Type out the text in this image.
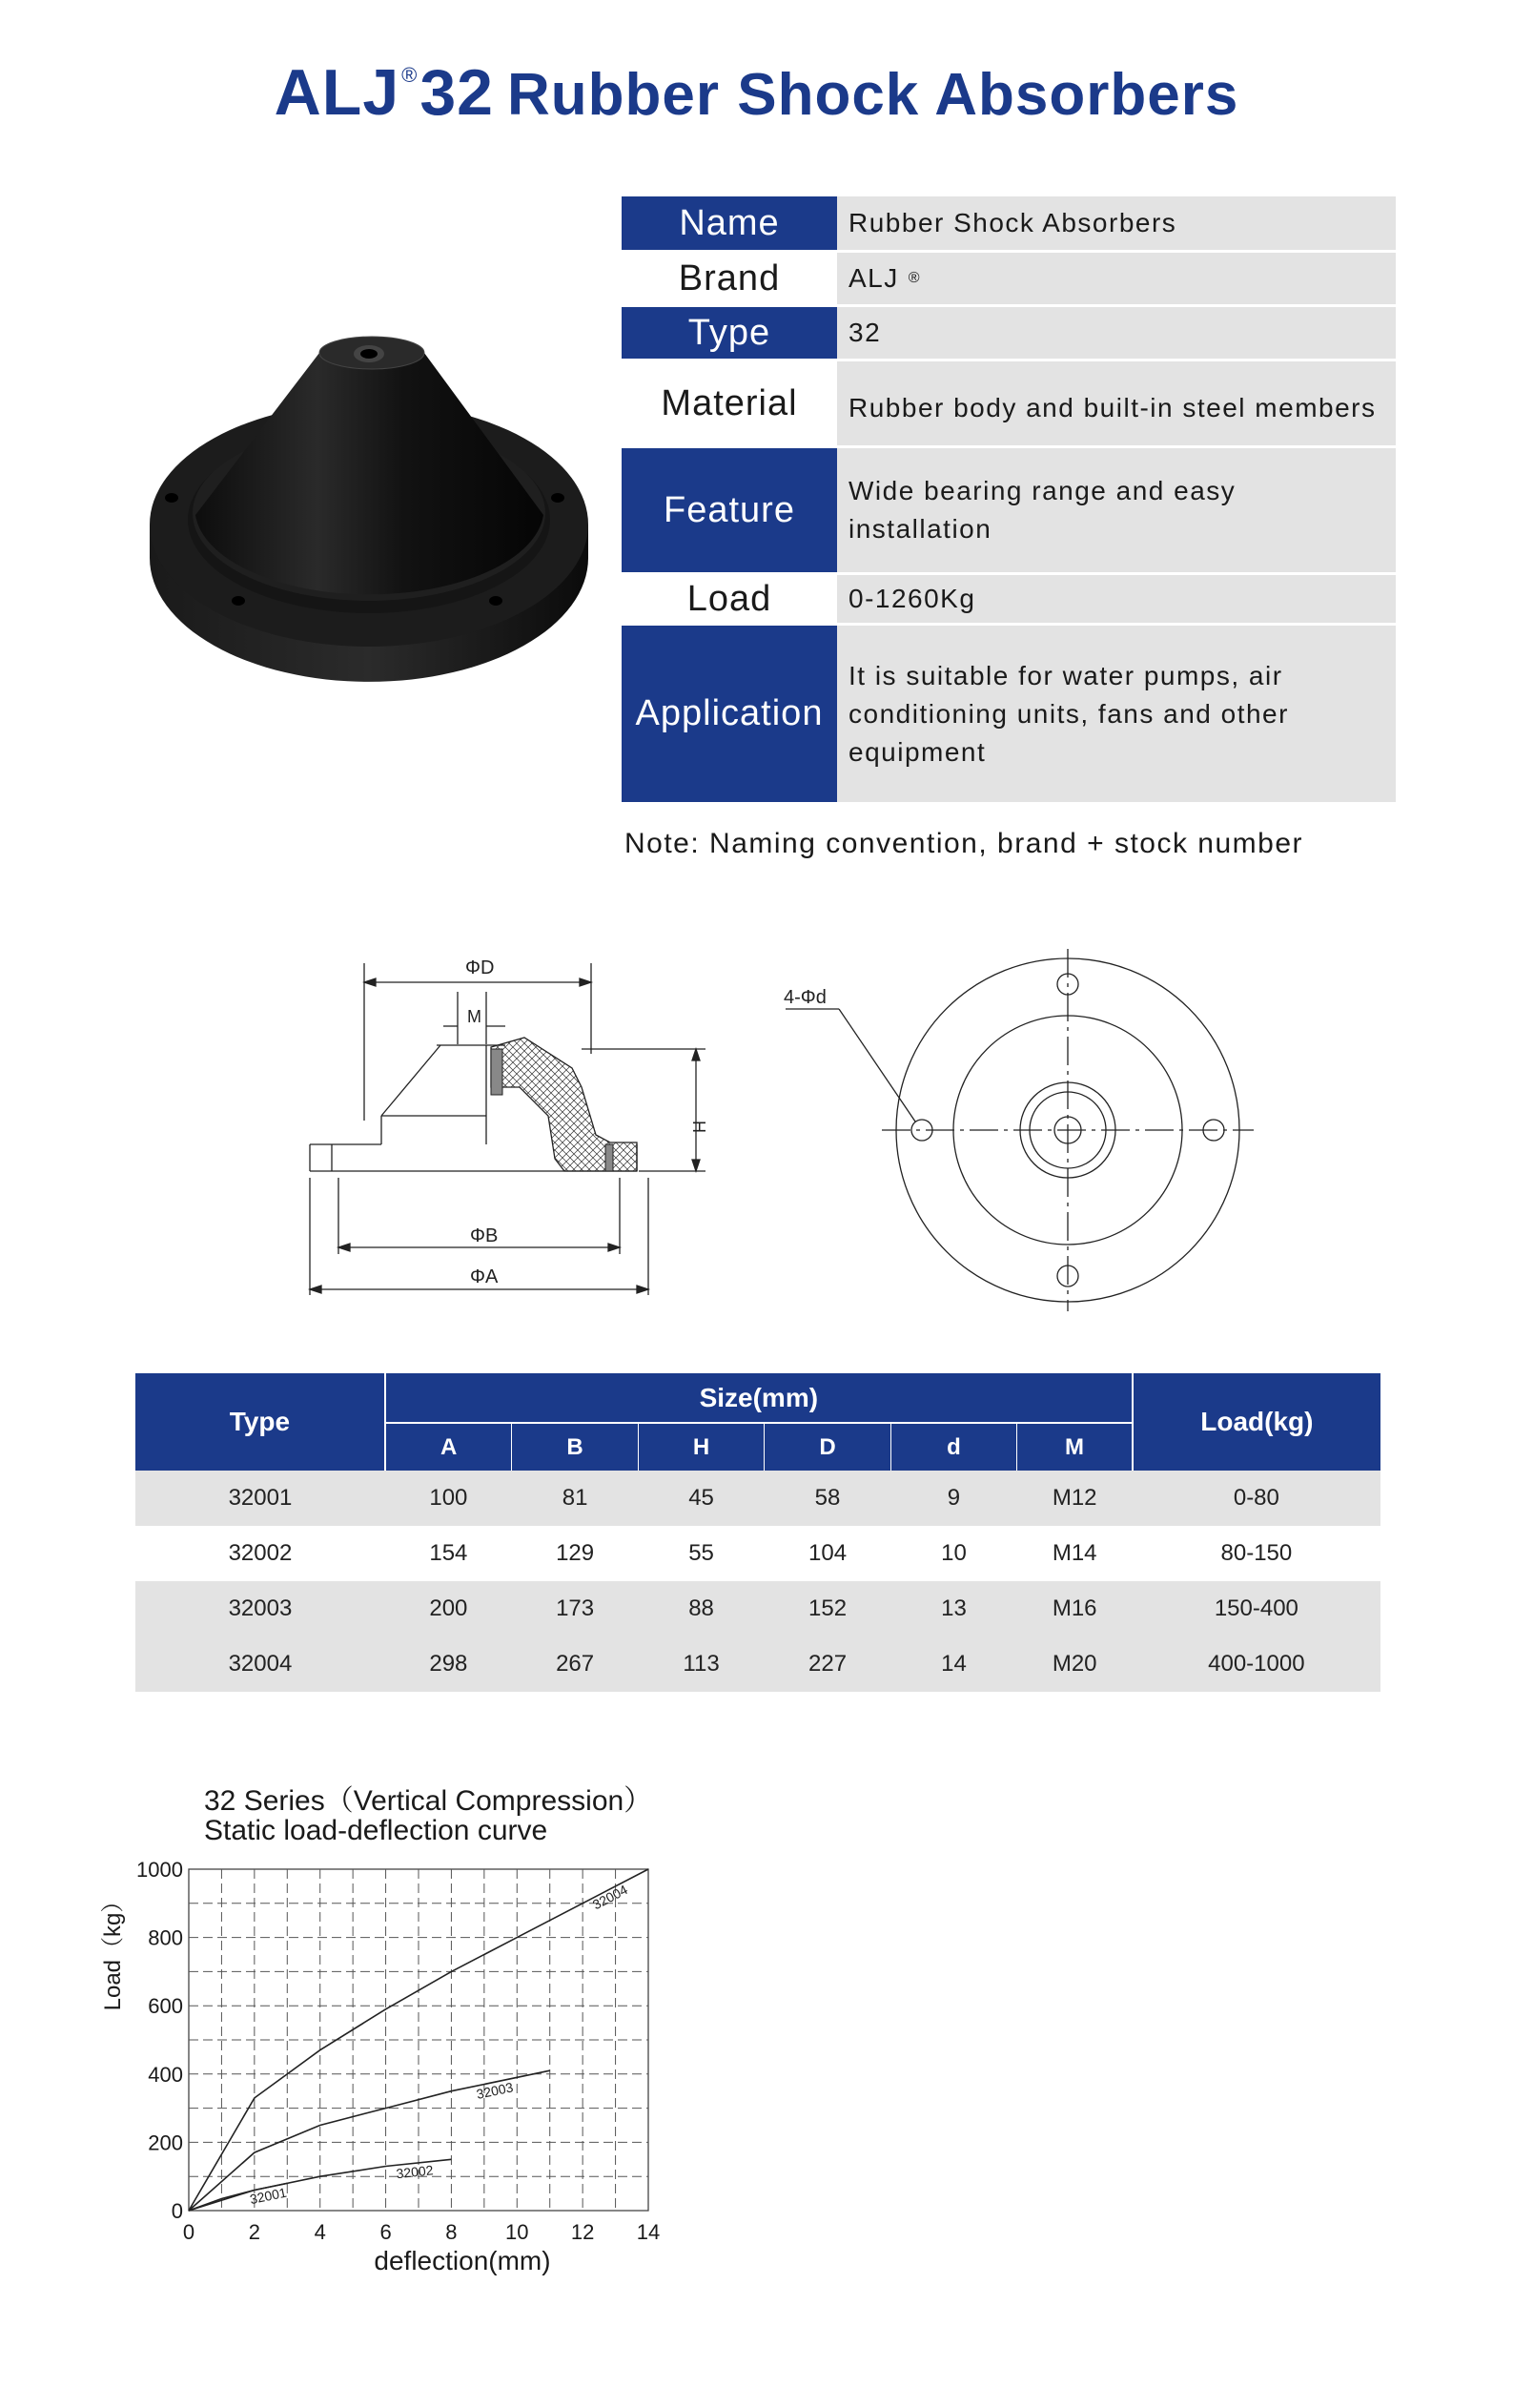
ALJ®32 Rubber Shock Absorbers
Name	Rubber Shock Absorbers
Brand	ALJ ®
Type	32
Material	Rubber body and built-in steel members
Feature	Wide bearing range and easy installation
Load	0-1260Kg
Application
It is suitable for water pumps, air conditioning units, fans and other equipment
Note: Naming convention, brand + stock number
ΦD
M
H
ΦB
ΦA
4-Φd
Type	Size(mm)						Load(kg)
	A	B	H	D	d	M	
32001	100	81	45	58	9	M12	0-80
32002	154	129	55	104	10	M14	80-150
32003	200	173	88	152	13	M16	150-400
32004	298	267	113	227	14	M20	400-1000
32 Series（Vertical Compression）
Static load-deflection curve
0	2	4	6	8 10 12 14
0
200
400
600
800
1000
32001
32002
32003
32004
deflection(mm)
Load（kg）
